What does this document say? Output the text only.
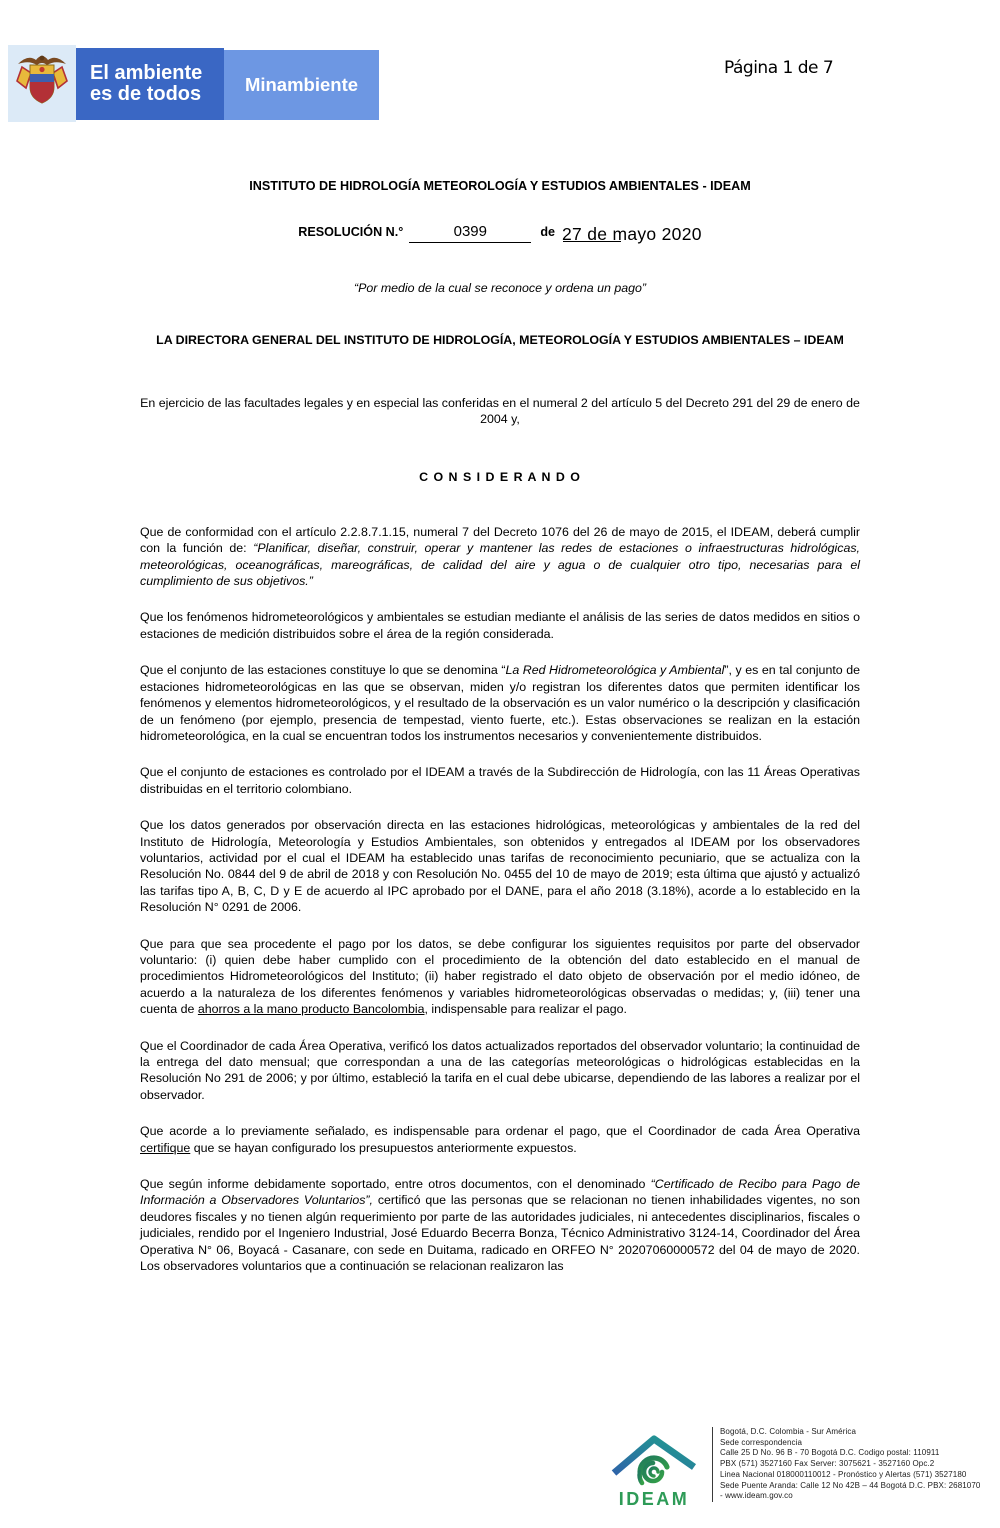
El ambiente
es de todos	Minambiente
Página 1 de 7
INSTITUTO DE HIDROLOGÍA METEOROLOGÍA Y ESTUDIOS AMBIENTALES - IDEAM
RESOLUCIÓN N.°	0399	de 27 de mayo 2020
“Por medio de la cual se reconoce y ordena un pago”
LA DIRECTORA GENERAL DEL INSTITUTO DE HIDROLOGÍA, METEOROLOGÍA Y ESTUDIOS AMBIENTALES – IDEAM
En ejercicio de las facultades legales y en especial las conferidas en el numeral 2 del artículo 5 del Decreto 291 del 29 de enero de 2004 y,
C O N S I D E R A N D O

Que de conformidad con el artículo 2.2.8.7.1.15, numeral 7 del Decreto 1076 del 26 de mayo de 2015, el IDEAM, deberá cumplir con la función de: “Planificar, diseñar, construir, operar y mantener las redes de estaciones o infraestructuras hidrológicas, meteorológicas, oceanográficas, mareográficas, de calidad del aire y agua o de cualquier otro tipo, necesarias para el cumplimiento de sus objetivos.”

Que los fenómenos hidrometeorológicos y ambientales se estudian mediante el análisis de las series de datos medidos en sitios o estaciones de medición distribuidos sobre el área de la región considerada.

Que el conjunto de las estaciones constituye lo que se denomina “La Red Hidrometeorológica y Ambiental”, y es en tal conjunto de estaciones hidrometeorológicas en las que se observan, miden y/o registran los diferentes datos que permiten identificar los fenómenos y elementos hidrometeorológicos, y el resultado de la observación es un valor numérico o la descripción y clasificación de un fenómeno (por ejemplo, presencia de tempestad, viento fuerte, etc.). Estas observaciones se realizan en la estación hidrometeorológica, en la cual se encuentran todos los instrumentos necesarios y convenientemente distribuidos.

Que el conjunto de estaciones es controlado por el IDEAM a través de la Subdirección de Hidrología, con las 11 Áreas Operativas distribuidas en el territorio colombiano.

Que los datos generados por observación directa en las estaciones hidrológicas, meteorológicas y ambientales de la red del Instituto de Hidrología, Meteorología y Estudios Ambientales, son obtenidos y entregados al IDEAM por los observadores voluntarios, actividad por el cual el IDEAM ha establecido unas tarifas de reconocimiento pecuniario, que se actualiza con la Resolución No. 0844 del 9 de abril de 2018 y con Resolución No. 0455 del 10 de mayo de 2019; esta última que ajustó y actualizó las tarifas tipo A, B, C, D y E de acuerdo al IPC aprobado por el DANE, para el año 2018 (3.18%), acorde a lo establecido en la Resolución N° 0291 de 2006.

Que para que sea procedente el pago por los datos, se debe configurar los siguientes requisitos por parte del observador voluntario: (i) quien debe haber cumplido con el procedimiento de la obtención del dato establecido en el manual de procedimientos Hidrometeorológicos del Instituto; (ii) haber registrado el dato objeto de observación por el medio idóneo, de acuerdo a la naturaleza de los diferentes fenómenos y variables hidrometeorológicas observadas o medidas; y, (iii) tener una cuenta de ahorros a la mano producto Bancolombia, indispensable para realizar el pago.

Que el Coordinador de cada Área Operativa, verificó los datos actualizados reportados del observador voluntario; la continuidad de la entrega del dato mensual; que correspondan a una de las categorías meteorológicas o hidrológicas establecidas en la Resolución No 291 de 2006; y por último, estableció la tarifa en el cual debe ubicarse, dependiendo de las labores a realizar por el observador.

Que acorde a lo previamente señalado, es indispensable para ordenar el pago, que el Coordinador de cada Área Operativa certifique que se hayan configurado los presupuestos anteriormente expuestos.

Que según informe debidamente soportado, entre otros documentos, con el denominado “Certificado de Recibo para Pago de Información a Observadores Voluntarios”, certificó que las personas que se relacionan no tienen inhabilidades vigentes, no son deudores fiscales y no tienen algún requerimiento por parte de las autoridades judiciales, ni antecedentes disciplinarios, fiscales o judiciales, rendido por el Ingeniero Industrial, José Eduardo Becerra Bonza, Técnico Administrativo 3124-14, Coordinador del Área Operativa N° 06, Boyacá - Casanare, con sede en Duitama, radicado en ORFEO N° 20207060000572 del 04 de mayo de 2020. Los observadores voluntarios que a continuación se relacionan realizaron las

IDEAM
Bogotá, D.C. Colombia - Sur América
Sede correspondencia
Calle 25 D No. 96 B - 70 Bogotá D.C. Codigo postal: 110911
PBX (571) 3527160 Fax Server: 3075621 - 3527160 Opc.2
Linea Nacional 018000110012 - Pronóstico y Alertas (571) 3527180
Sede Puente Aranda: Calle 12 No 42B – 44 Bogotá D.C. PBX: 2681070
- www.ideam.gov.co
